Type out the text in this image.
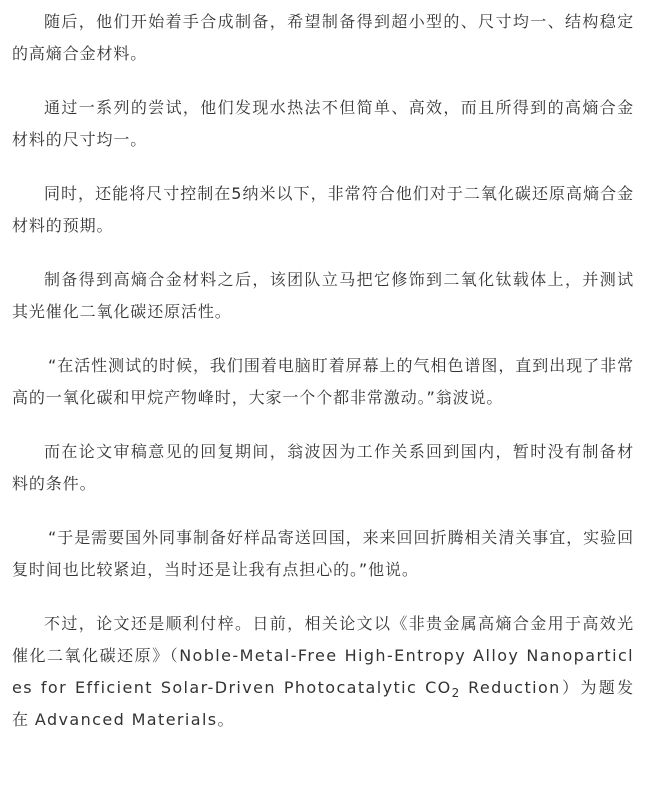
随后，他们开始着手合成制备，希望制备得到超小型的、尺寸均一、结构稳定的高熵合金材料。

通过一系列的尝试，他们发现水热法不但简单、高效，而且所得到的高熵合金材料的尺寸均一。

同时，还能将尺寸控制在5纳米以下，非常符合他们对于二氧化碳还原高熵合金材料的预期。

制备得到高熵合金材料之后，该团队立马把它修饰到二氧化钛载体上，并测试其光催化二氧化碳还原活性。

“在活性测试的时候，我们围着电脑盯着屏幕上的气相色谱图，直到出现了非常高的一氧化碳和甲烷产物峰时，大家一个个都非常激动。”翁波说。

而在论文审稿意见的回复期间，翁波因为工作关系回到国内，暂时没有制备材料的条件。

“于是需要国外同事制备好样品寄送回国，来来回回折腾相关清关事宜，实验回复时间也比较紧迫，当时还是让我有点担心的。”他说。

不过，论文还是顺利付梓。日前，相关论文以《非贵金属高熵合金用于高效光催化二氧化碳还原》（Noble-Metal-Free High-Entropy Alloy Nanoparticles for Efficient Solar-Driven Photocatalytic $CO_2$ Reduction）为题发在 Advanced Materials。
